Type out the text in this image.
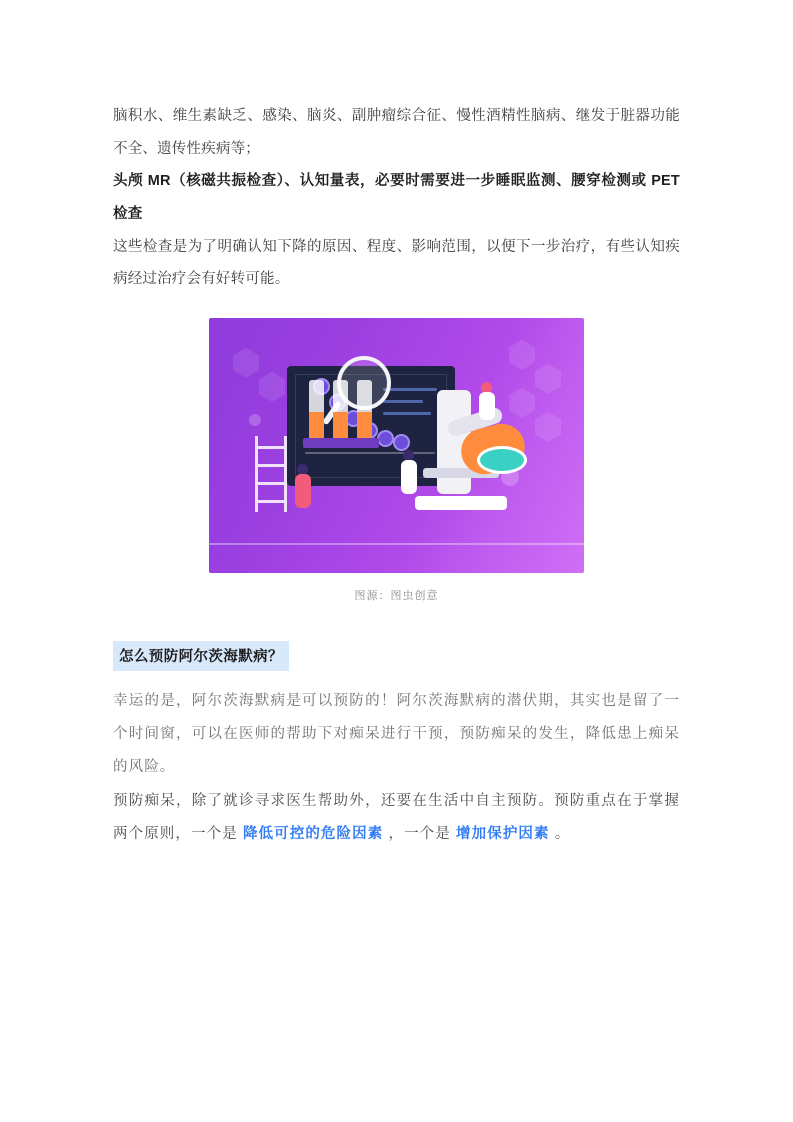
脑积水、维生素缺乏、感染、脑炎、副肿瘤综合征、慢性酒精性脑病、继发于脏器功能不全、遗传性疾病等；

头颅 MR（核磁共振检查）、认知量表，必要时需要进一步睡眠监测、腰穿检测或 PET 检查

这些检查是为了明确认知下降的原因、程度、影响范围，以便下一步治疗，有些认知疾病经过治疗会有好转可能。

图源：图虫创意
怎么预防阿尔茨海默病？

幸运的是，阿尔茨海默病是可以预防的！阿尔茨海默病的潜伏期，其实也是留了一个时间窗，可以在医师的帮助下对痴呆进行干预，预防痴呆的发生，降低患上痴呆的风险。

预防痴呆，除了就诊寻求医生帮助外，还要在生活中自主预防。预防重点在于掌握两个原则，一个是 降低可控的危险因素 ，一个是 增加保护因素 。
